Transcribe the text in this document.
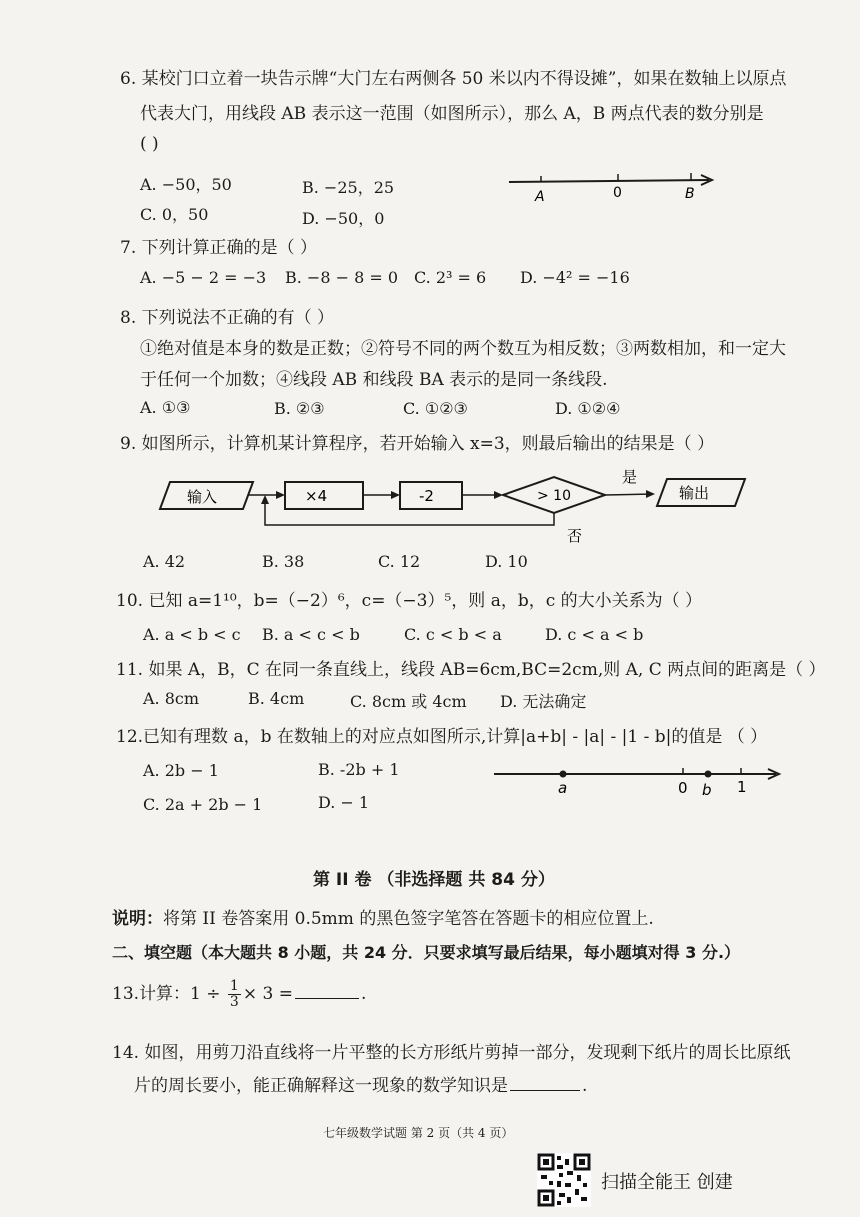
6. 某校门口立着一块告示牌“大门左右两侧各 50 米以内不得设摊”，如果在数轴上以原点
代表大门，用线段 AB 表示这一范围（如图所示），那么 A，B 两点代表的数分别是
( )
A. −50，50	B. −25，25
C. 0，50	D. −50，0
A	0	B
7. 下列计算正确的是（ ）
A. −5 − 2 = −3 B. −8 − 8 = 0 C. 2³ = 6 D. −4² = −16
8. 下列说法不正确的有（ ）
①绝对值是本身的数是正数；②符号不同的两个数互为相反数；③两数相加，和一定大
于任何一个加数；④线段 AB 和线段 BA 表示的是同一条线段.
A. ①③	B. ②③	C. ①②③	D. ①②④
9. 如图所示，计算机某计算程序，若开始输入 x=3，则最后输出的结果是（ ）
输入	×4	-2	> 10
是
输出
否
A. 42	B. 38	C. 12	D. 10
10. 已知 a=1¹⁰，b=（−2）⁶，c=（−3）⁵，则 a，b，c 的大小关系为（ ）
A. a < b < c B. a < c < b	C. c < b < a	D. c < a < b
11. 如果 A，B，C 在同一条直线上，线段 AB=6cm,BC=2cm,则 A, C 两点间的距离是（ ）
A. 8cm	B. 4cm	C. 8cm 或 4cm D. 无法确定
12.已知有理数 a，b 在数轴上的对应点如图所示,计算|a+b| - |a| - |1 - b|的值是 （ ）
A. 2b − 1	B. -2b + 1
C. 2a + 2b − 1	D. − 1
a	0 b 1
第 II 卷 （非选择题 共 84 分）
说明：将第 II 卷答案用 0.5mm 的黑色签字笔答在答题卡的相应位置上.
二、填空题（本大题共 8 小题，共 24 分．只要求填写最后结果，每小题填对得 3 分.）
13.计算：$1 \div \frac{1}{3} \times 3$ =	.
14. 如图，用剪刀沿直线将一片平整的长方形纸片剪掉一部分，发现剩下纸片的周长比原纸
片的周长要小，能正确解释这一现象的数学知识是	.
七年级数学试题 第 2 页（共 4 页）
扫描全能王 创建
